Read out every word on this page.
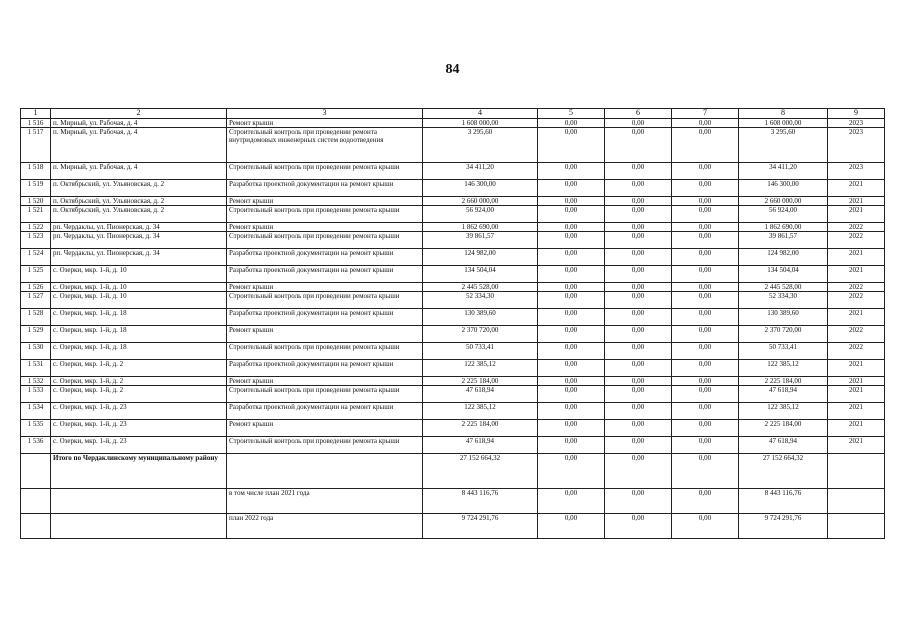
84
1	2	3	4	5	6	7	8	9
1 516	п. Мирный, ул. Рабочая, д. 4	Ремонт крыши	1 608 000,00	0,00	0,00	0,00	1 608 000,00	2023
1 517	п. Мирный, ул. Рабочая, д. 4	Строительный контроль при проведении ремонта внутридомовых инженерных систем водоотведения	3 295,60	0,00	0,00	0,00	3 295,60	2023
1 518	п. Мирный, ул. Рабочая, д. 4	Строительный контроль при проведении ремонта крыши	34 411,20	0,00	0,00	0,00	34 411,20	2023
1 519	п. Октябрьский, ул. Ульяновская, д. 2	Разработка проектной документации на ремонт крыши	146 300,00	0,00	0,00	0,00	146 300,00	2021
1 520	п. Октябрьский, ул. Ульяновская, д. 2	Ремонт крыши	2 660 000,00	0,00	0,00	0,00	2 660 000,00	2021
1 521	п. Октябрьский, ул. Ульяновская, д. 2	Строительный контроль при проведении ремонта крыши	56 924,00	0,00	0,00	0,00	56 924,00	2021
1 522	рп. Чердаклы, ул. Пионерская, д. 34	Ремонт крыши	1 862 690,00	0,00	0,00	0,00	1 862 690,00	2022
1 523	рп. Чердаклы, ул. Пионерская, д. 34	Строительный контроль при проведении ремонта крыши	39 861,57	0,00	0,00	0,00	39 861,57	2022
1 524	рп. Чердаклы, ул. Пионерская, д. 34	Разработка проектной документации на ремонт крыши	124 982,00	0,00	0,00	0,00	124 982,00	2021
1 525	с. Озерки, мкр. 1-й, д. 10	Разработка проектной документации на ремонт крыши	134 504,04	0,00	0,00	0,00	134 504,04	2021
1 526	с. Озерки, мкр. 1-й, д. 10	Ремонт крыши	2 445 528,00	0,00	0,00	0,00	2 445 528,00	2022
1 527	с. Озерки, мкр. 1-й, д. 10	Строительный контроль при проведении ремонта крыши	52 334,30	0,00	0,00	0,00	52 334,30	2022
1 528	с. Озерки, мкр. 1-й, д. 18	Разработка проектной документации на ремонт крыши	130 389,60	0,00	0,00	0,00	130 389,60	2021
1 529	с. Озерки, мкр. 1-й, д. 18	Ремонт крыши	2 370 720,00	0,00	0,00	0,00	2 370 720,00	2022
1 530	с. Озерки, мкр. 1-й, д. 18	Строительный контроль при проведении ремонта крыши	50 733,41	0,00	0,00	0,00	50 733,41	2022
1 531	с. Озерки, мкр. 1-й, д. 2	Разработка проектной документации на ремонт крыши	122 385,12	0,00	0,00	0,00	122 385,12	2021
1 532	с. Озерки, мкр. 1-й, д. 2	Ремонт крыши	2 225 184,00	0,00	0,00	0,00	2 225 184,00	2021
1 533	с. Озерки, мкр. 1-й, д. 2	Строительный контроль при проведении ремонта крыши	47 618,94	0,00	0,00	0,00	47 618,94	2021
1 534	с. Озерки, мкр. 1-й, д. 23	Разработка проектной документации на ремонт крыши	122 385,12	0,00	0,00	0,00	122 385,12	2021
1 535	с. Озерки, мкр. 1-й, д. 23	Ремонт крыши	2 225 184,00	0,00	0,00	0,00	2 225 184,00	2021
1 536	с. Озерки, мкр. 1-й, д. 23	Строительный контроль при проведении ремонта крыши	47 618,94	0,00	0,00	0,00	47 618,94	2021
	Итого по Чердаклинскому муниципальному району		27 152 664,32	0,00	0,00	0,00	27 152 664,32	
		в том числе план 2021 года	8 443 116,76	0,00	0,00	0,00	8 443 116,76	
		план 2022 года	9 724 291,76	0,00	0,00	0,00	9 724 291,76	
